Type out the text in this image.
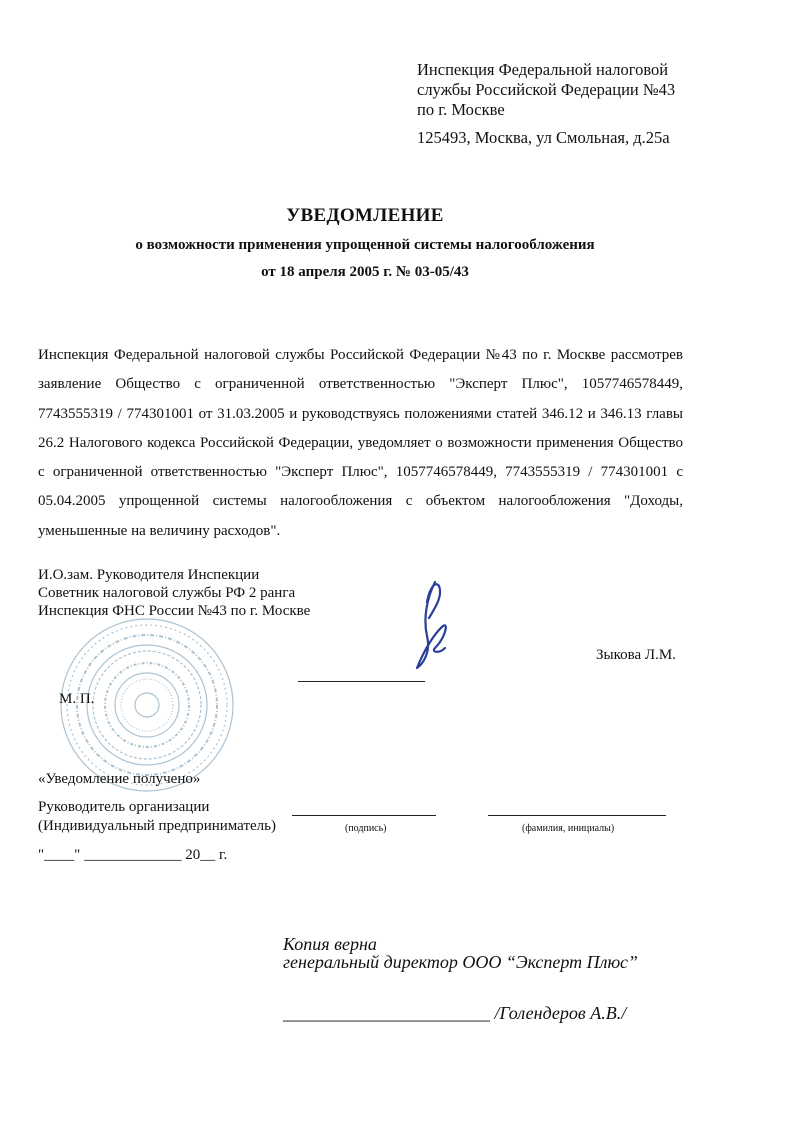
Инспекция Федеральной налоговой
службы Российской Федерации №43
по г. Москве
125493, Москва, ул Смольная, д.25а
УВЕДОМЛЕНИЕ
о возможности применения упрощенной системы налогообложения
от 18 апреля 2005 г. № 03-05/43
Инспекция Федеральной налоговой службы Российской Федерации №43 по г. Москве рассмотрев заявление Общество с ограниченной ответственностью "Эксперт Плюс", 1057746578449, 7743555319 / 774301001 от 31.03.2005 и руководствуясь положениями статей 346.12 и 346.13 главы 26.2 Налогового кодекса Российской Федерации, уведомляет о возможности применения Общество с ограниченной ответственностью "Эксперт Плюс", 1057746578449, 7743555319 / 774301001 с 05.04.2005 упрощенной системы налогообложения с объектом налогообложения "Доходы, уменьшенные на величину расходов".
И.О.зам. Руководителя Инспекции
Советник налоговой службы РФ 2 ранга
Инспекция ФНС России №43 по г. Москве
Зыкова Л.М.
М. П.
«Уведомление получено»
Руководитель организации
(Индивидуальный предприниматель)	(подпись)	(фамилия, инициалы)
"____" _____________ 20__ г.
Копия верна
генеральный директор ООО “Эксперт Плюс”
_______________________ /Голендеров А.В./
